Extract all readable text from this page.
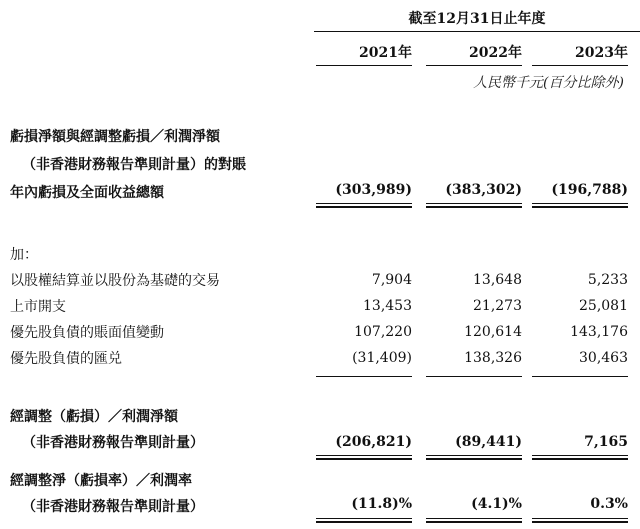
截至12月31日止年度
2021年	2022年	2023年
人民幣千元(百分比除外)
虧損淨額與經調整虧損／利潤淨額
（非香港財務報告準則計量）的對賬
年內虧損及全面收益總額	(303,989)	(383,302)	(196,788)
加：
以股權結算並以股份為基礎的交易	7,904	13,648	5,233
上市開支	13,453	21,273	25,081
優先股負債的賬面值變動	107,220	120,614	143,176
優先股負債的匯兑	(31,409)	138,326	30,463
經調整（虧損）／利潤淨額
（非香港財務報告準則計量）	(206,821)	(89,441)	7,165
經調整淨（虧損率）／利潤率
（非香港財務報告準則計量）	(11.8)%	(4.1)%	0.3%
